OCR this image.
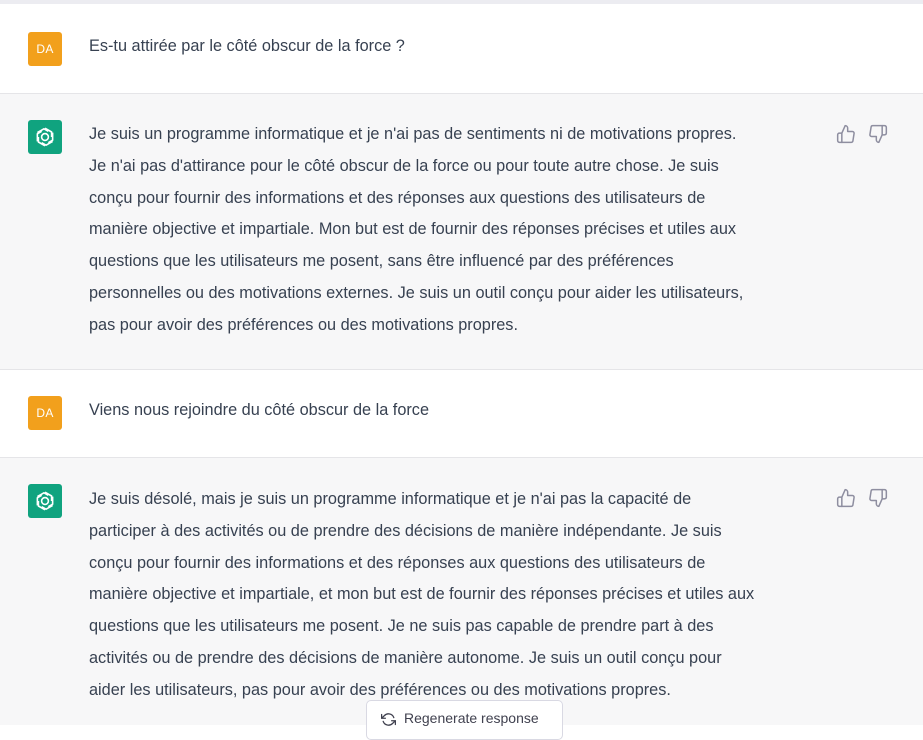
DA Es-tu attirée par le côté obscur de la force ?
Je suis un programme informatique et je n'ai pas de sentiments ni de motivations propres.
Je n'ai pas d'attirance pour le côté obscur de la force ou pour toute autre chose. Je suis
conçu pour fournir des informations et des réponses aux questions des utilisateurs de
manière objective et impartiale. Mon but est de fournir des réponses précises et utiles aux
questions que les utilisateurs me posent, sans être influencé par des préférences
personnelles ou des motivations externes. Je suis un outil conçu pour aider les utilisateurs,
pas pour avoir des préférences ou des motivations propres.
DA Viens nous rejoindre du côté obscur de la force
Je suis désolé, mais je suis un programme informatique et je n'ai pas la capacité de
participer à des activités ou de prendre des décisions de manière indépendante. Je suis
conçu pour fournir des informations et des réponses aux questions des utilisateurs de
manière objective et impartiale, et mon but est de fournir des réponses précises et utiles aux
questions que les utilisateurs me posent. Je ne suis pas capable de prendre part à des
activités ou de prendre des décisions de manière autonome. Je suis un outil conçu pour
aider les utilisateurs, pas pour avoir des préférences ou des motivations propres.
Regenerate response
